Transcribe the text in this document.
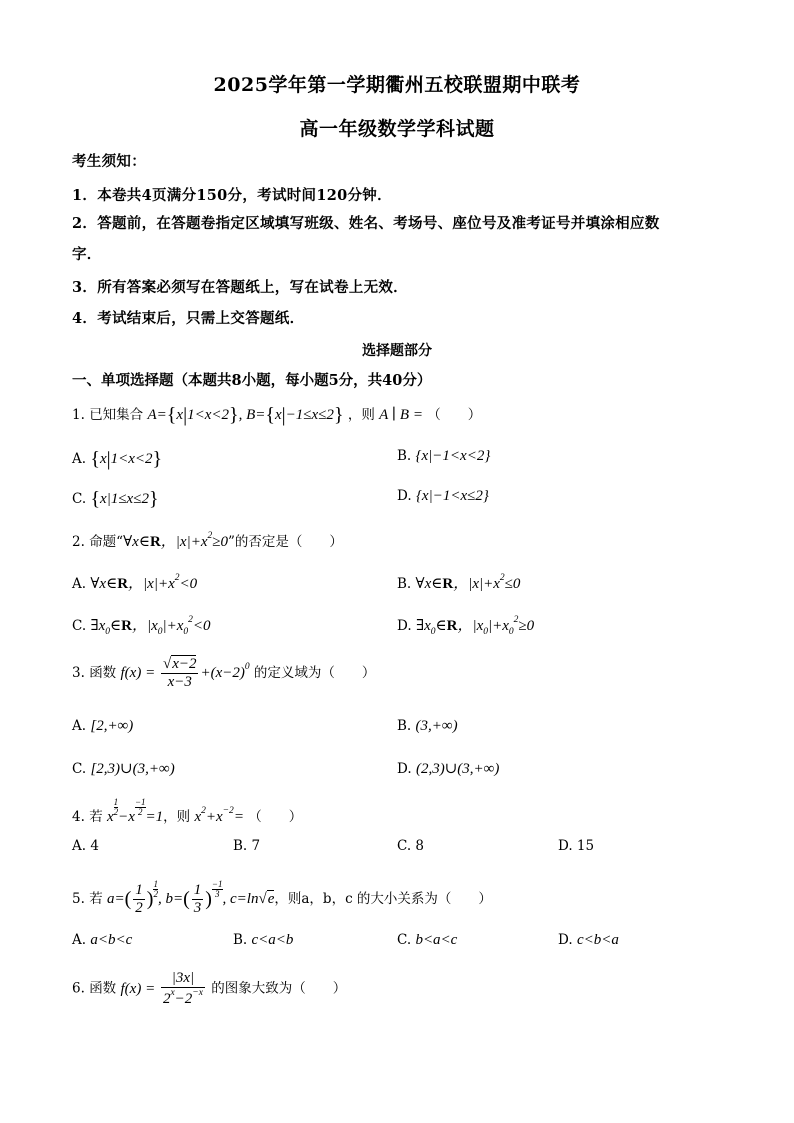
2025学年第一学期衢州五校联盟期中联考
高一年级数学学科试题
考生须知：
1．本卷共4页满分150分，考试时间120分钟．
2．答题前，在答题卷指定区域填写班级、姓名、考场号、座位号及准考证号并填涂相应数
字．
3．所有答案必须写在答题纸上，写在试卷上无效．
4．考试结束后，只需上交答题纸．
选择题部分
一、单项选择题（本题共8小题，每小题5分，共40分）
1. 已知集合 A={x|1<x<2}, B={x|−1≤x≤2} ，则 A ∣ B = （　　）
A. {x|1<x<2}	B. {x|−1<x<2}
C. {x|1≤x≤2}	D. {x|−1<x≤2}
2. 命题“∀x∈R，$|x|+x^2\ge 0$”的否定是（　　）
A. ∀x∈R，$|x|+x^2<0$	B. ∀x∈R，$|x|+x^2\le 0$
C. $\exists x_0\in R$，$|x_0|+x_0^2<0$	D. $\exists x_0\in R$，$|x_0|+x_0^2\ge 0$
3. 函数 $f(x) = \frac{√x-2}{x-3} +(x-2)^0$ 的定义域为（　　）
A. [2,+∞)	B. (3,+∞)
C. [2,3)∪(3,+∞)	D. (2,3)∪(3,+∞)
4. 若 x $\frac{1}{2} -x \frac{-1}{2} =1$，则 $x^2+x^{-2}=$ （　　）
A. 4	B. 7	C. 8	D. 15
5. 若 $a=( \frac{1}{2}$ ) $\frac{1}{2}$ , $b=( \frac{1}{3}$ ) $\frac{-1}{3}$ , c=ln√e，则a，b，c 的大小关系为（　　）
A. a<b<c	B. c<a<b	C. b<a<c	D. c<b<a
6. 函数 $f(x) = \frac{|3x|}{2^x-2^{-x}}$ 的图象大致为（　　）
